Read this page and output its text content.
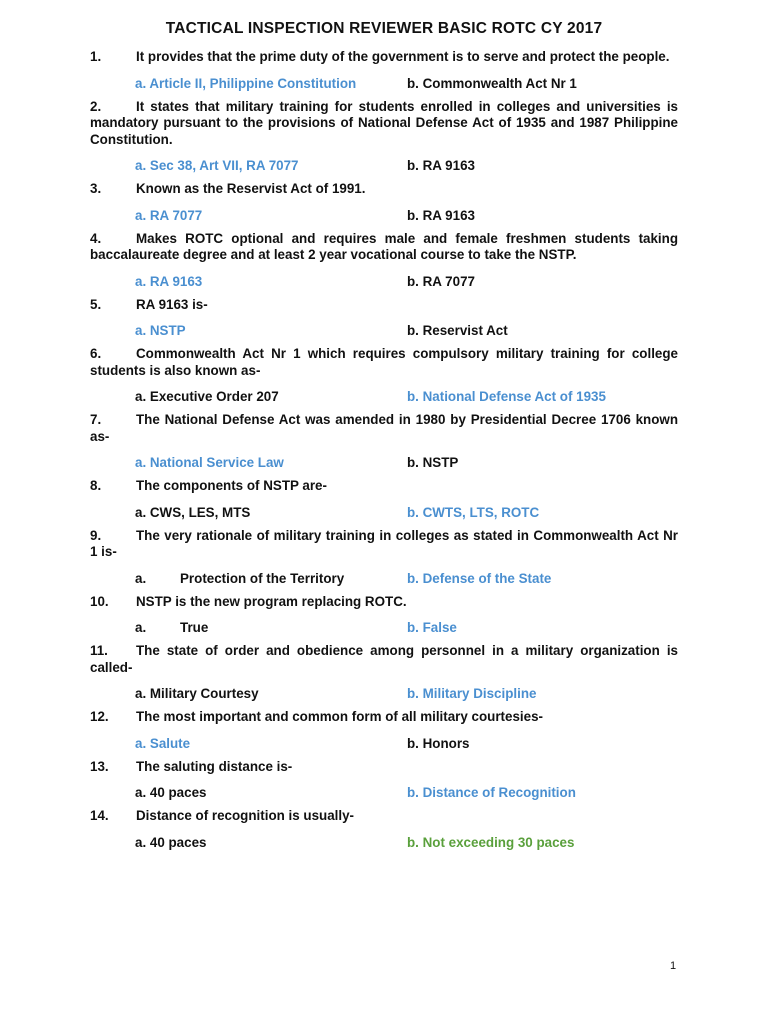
TACTICAL INSPECTION REVIEWER BASIC ROTC CY 2017

1.	It provides that the prime duty of the government is to serve and protect the people.

a. Article II, Philippine Constitution	b. Commonwealth Act Nr 1

2.	It states that military training for students enrolled in colleges and universities is mandatory pursuant to the provisions of National Defense Act of 1935 and 1987 Philippine Constitution.

a. Sec 38, Art VII, RA 7077	b. RA 9163

3.	Known as the Reservist Act of 1991.

a. RA 7077	b. RA 9163

4.	Makes ROTC optional and requires male and female freshmen students taking baccalaureate degree and at least 2 year vocational course to take the NSTP.

a. RA 9163	b. RA 7077

5.	RA 9163 is-

a. NSTP	b. Reservist Act

6.	Commonwealth Act Nr 1 which requires compulsory military training for college students is also known as-

a. Executive Order 207	b. National Defense Act of 1935

7.	The National Defense Act was amended in 1980 by Presidential Decree 1706 known as-

a. National Service Law	b. NSTP

8.	The components of NSTP are-

a. CWS, LES, MTS	b. CWTS, LTS, ROTC

9.	The very rationale of military training in colleges as stated in Commonwealth Act Nr 1 is-

a.	Protection of the Territory	b. Defense of the State

10. NSTP is the new program replacing ROTC.

a.	True	b. False

11. The state of order and obedience among personnel in a military organization is called-

a. Military Courtesy	b. Military Discipline

12. The most important and common form of all military courtesies-

a. Salute	b. Honors

13. The saluting distance is-

a. 40 paces	b. Distance of Recognition

14. Distance of recognition is usually-

a. 40 paces	b. Not exceeding 30 paces
1
